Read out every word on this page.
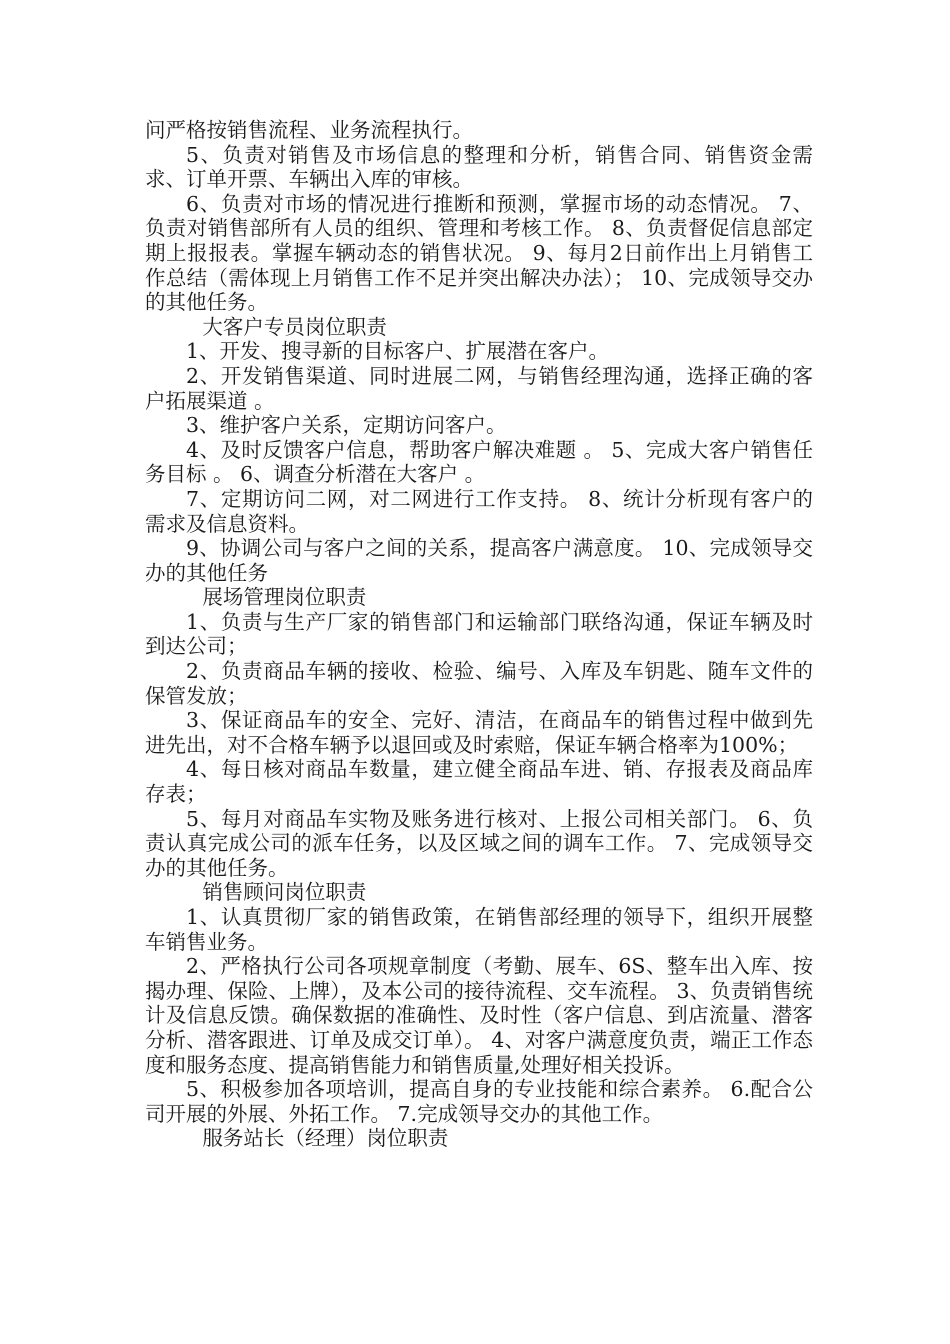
问严格按销售流程、业务流程执行。

5、负责对销售及市场信息的整理和分析，销售合同、销售资金需求、订单开票、车辆出入库的审核。

6、负责对市场的情况进行推断和预测，掌握市场的动态情况。 7、负责对销售部所有人员的组织、管理和考核工作。 8、负责督促信息部定期上报报表。掌握车辆动态的销售状况。 9、每月2日前作出上月销售工作总结（需体现上月销售工作不足并突出解决办法）； 10、完成领导交办的其他任务。

大客户专员岗位职责

1、开发、搜寻新的目标客户、扩展潜在客户。

2、开发销售渠道、同时进展二网，与销售经理沟通，选择正确的客户拓展渠道 。

3、维护客户关系，定期访问客户。

4、及时反馈客户信息，帮助客户解决难题 。 5、完成大客户销售任务目标 。 6、调查分析潜在大客户 。

7、定期访问二网，对二网进行工作支持。 8、统计分析现有客户的需求及信息资料。

9、协调公司与客户之间的关系，提高客户满意度。 10、完成领导交办的其他任务

展场管理岗位职责

1、负责与生产厂家的销售部门和运输部门联络沟通，保证车辆及时到达公司；

2、负责商品车辆的接收、检验、编号、入库及车钥匙、随车文件的保管发放；

3、保证商品车的安全、完好、清洁，在商品车的销售过程中做到先进先出，对不合格车辆予以退回或及时索赔，保证车辆合格率为100%；

4、每日核对商品车数量，建立健全商品车进、销、存报表及商品库存表；

5、每月对商品车实物及账务进行核对、上报公司相关部门。 6、负责认真完成公司的派车任务，以及区域之间的调车工作。 7、完成领导交办的其他任务。

销售顾问岗位职责

1、认真贯彻厂家的销售政策，在销售部经理的领导下，组织开展整车销售业务。

2、严格执行公司各项规章制度（考勤、展车、6S、整车出入库、按揭办理、保险、上牌），及本公司的接待流程、交车流程。 3、负责销售统计及信息反馈。确保数据的准确性、及时性（客户信息、到店流量、潜客分析、潜客跟进、订单及成交订单）。 4、对客户满意度负责，端正工作态度和服务态度、提高销售能力和销售质量,处理好相关投诉。

5、积极参加各项培训，提高自身的专业技能和综合素养。 6.配合公司开展的外展、外拓工作。 7.完成领导交办的其他工作。

服务站长（经理）岗位职责
